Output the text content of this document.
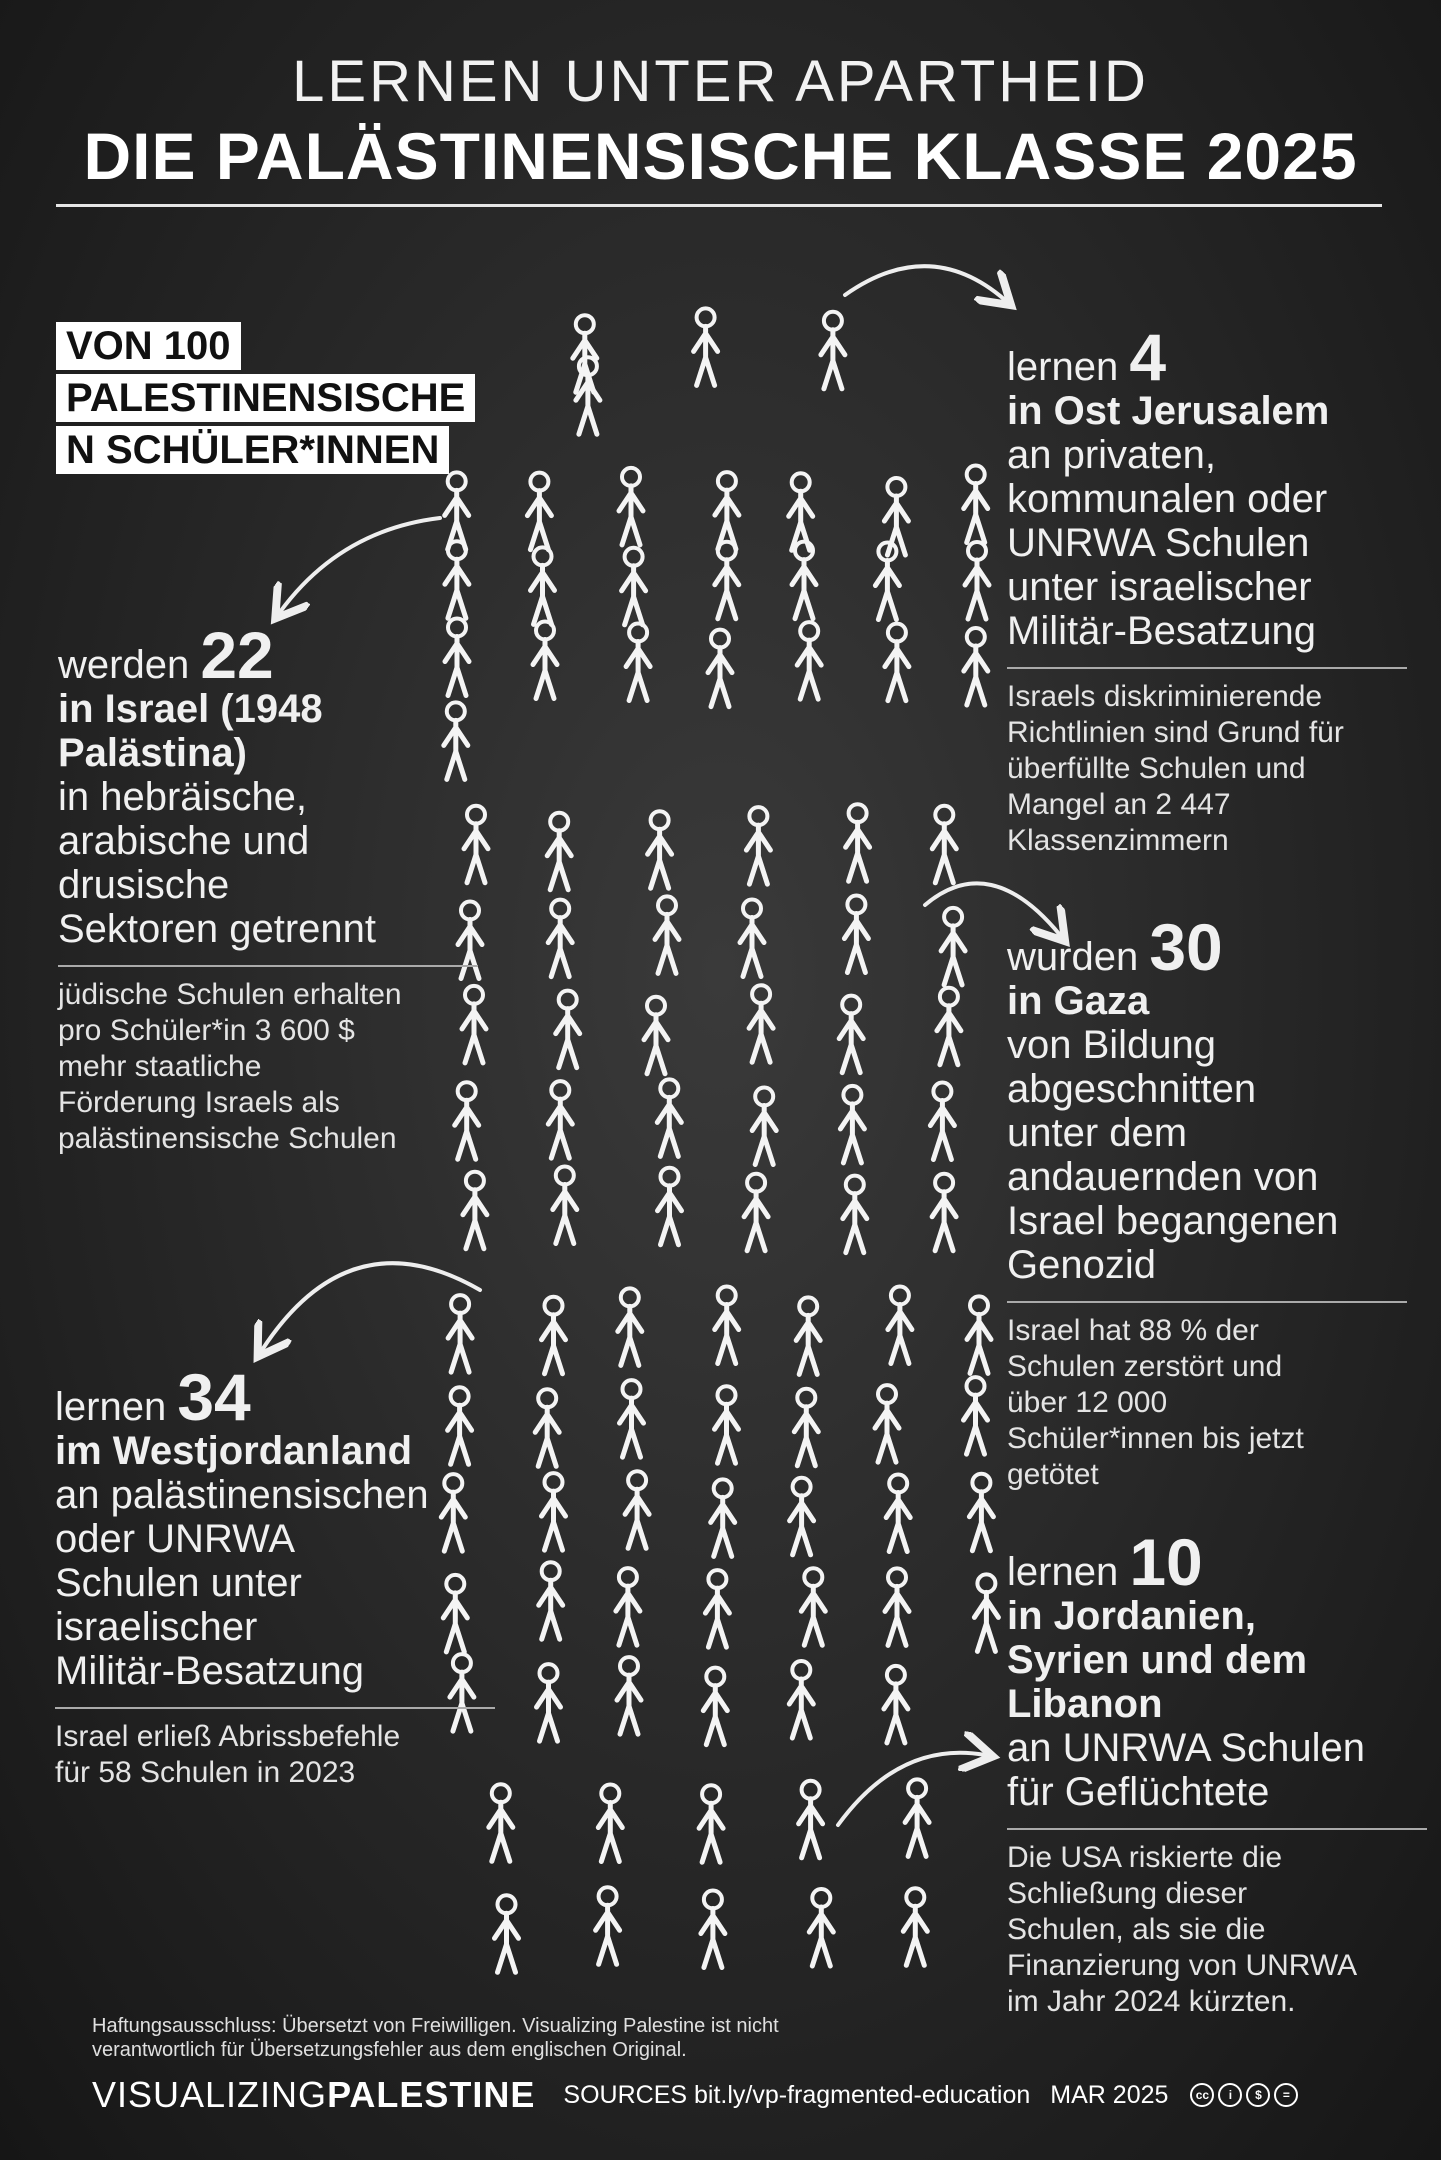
LERNEN UNTER APARTHEID
DIE PALÄSTINENSISCHE KLASSE 2025
VON 100
PALESTINENSISCHE
N SCHÜLER*INNEN
lernen 4
in Ost Jerusalem
an privaten,
kommunalen oder
UNRWA Schulen
unter israelischer
Militär-Besatzung
Israels diskriminierende
Richtlinien sind Grund für
überfüllte Schulen und
Mangel an 2 447
Klassenzimmern
werden 22
in Israel (1948
Palästina)
in hebräische,
arabische und
drusische
Sektoren getrennt
jüdische Schulen erhalten
pro Schüler*in 3 600 $
mehr staatliche
Förderung Israels als
palästinensische Schulen
wurden 30
in Gaza
von Bildung
abgeschnitten
unter dem
andauernden von
Israel begangenen
Genozid
Israel hat 88 % der
Schulen zerstört und
über 12 000
Schüler*innen bis jetzt
getötet
lernen 34
im Westjordanland
an palästinensischen
oder UNRWA
Schulen unter
israelischer
Militär-Besatzung
Israel erließ Abrissbefehle
für 58 Schulen in 2023
lernen 10
in Jordanien,
Syrien und dem
Libanon
an UNRWA Schulen
für Geflüchtete
Die USA riskierte die
Schließung dieser
Schulen, als sie die
Finanzierung von UNRWA
im Jahr 2024 kürzten.
Haftungsausschluss: Übersetzt von Freiwilligen. Visualizing Palestine ist nicht
verantwortlich für Übersetzungsfehler aus dem englischen Original.
VISUALIZINGPALESTINE SOURCES bit.ly/vp-fragmented-education MAR 2025	cc	i	$	=
